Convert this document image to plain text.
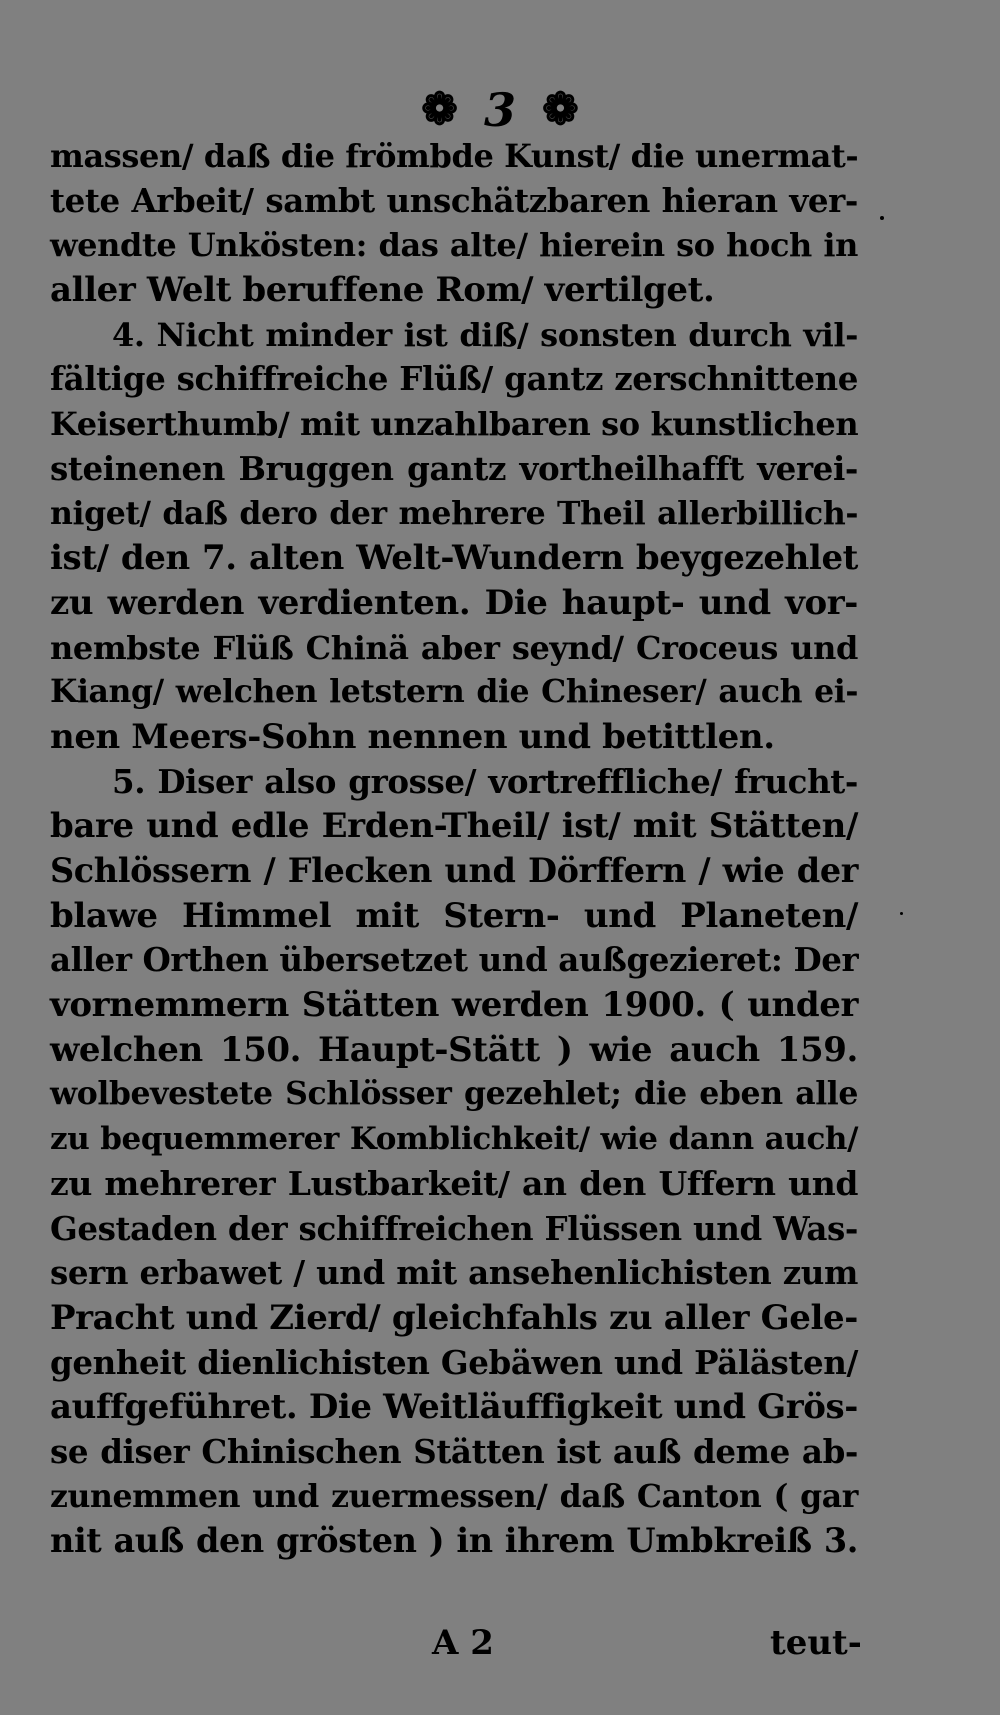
❁ 3 ❁
massen/ daß die frömbde Kunst/ die unermat-
tete Arbeit/ sambt unschätzbaren hieran ver-
wendte Unkösten: das alte/ hierein so hoch in
aller Welt beruffene Rom/ vertilget.
4. Nicht minder ist diß/ sonsten durch vil-
fältige schiffreiche Flüß/ gantz zerschnittene
Keiserthumb/ mit unzahlbaren so kunstlichen
steinenen Bruggen gantz vortheilhafft verei-
niget/ daß dero der mehrere Theil allerbillich-
ist/ den 7. alten Welt-Wundern beygezehlet
zu werden verdienten. Die haupt- und vor-
nembste Flüß Chinä aber seynd/ Croceus und
Kiang/ welchen letstern die Chineser/ auch ei-
nen Meers-Sohn nennen und betittlen.
5. Diser also grosse/ vortreffliche/ frucht-
bare und edle Erden-Theil/ ist/ mit Stätten/
Schlössern / Flecken und Dörffern / wie der
blawe Himmel mit Stern- und Planeten/
aller Orthen übersetzet und außgezieret: Der
vornemmern Stätten werden 1900. ( under
welchen 150. Haupt-Stätt ) wie auch 159.
wolbevestete Schlösser gezehlet; die eben alle
zu bequemmerer Komblichkeit/ wie dann auch/
zu mehrerer Lustbarkeit/ an den Uffern und
Gestaden der schiffreichen Flüssen und Was-
sern erbawet / und mit ansehenlichisten zum
Pracht und Zierd/ gleichfahls zu aller Gele-
genheit dienlichisten Gebäwen und Pälästen/
auffgeführet. Die Weitläuffigkeit und Grös-
se diser Chinischen Stätten ist auß deme ab-
zunemmen und zuermessen/ daß Canton ( gar
nit auß den grösten ) in ihrem Umbkreiß 3.
A 2	teut-
